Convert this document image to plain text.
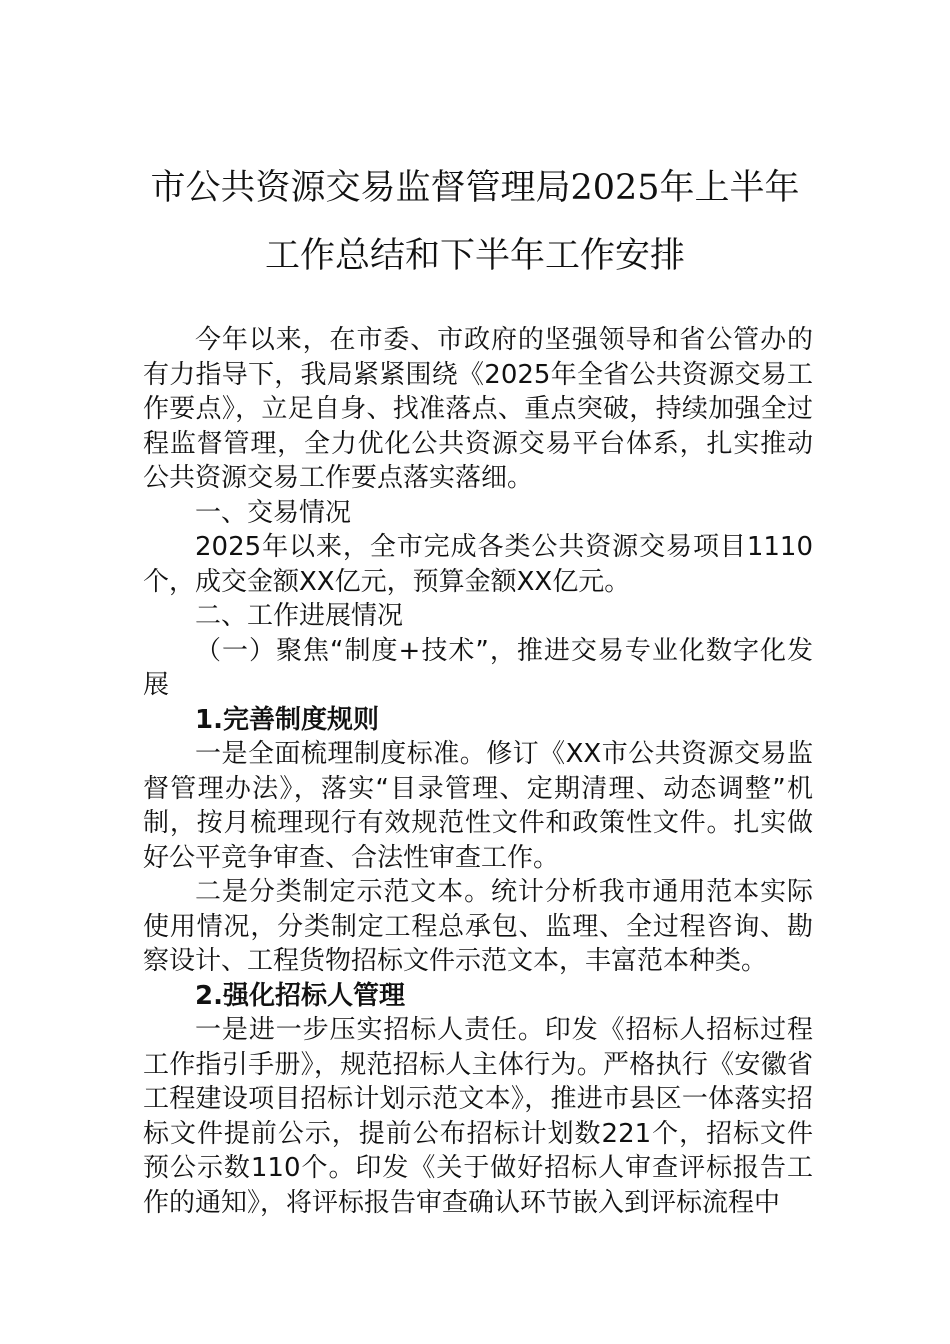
市公共资源交易监督管理局2025年上半年
工作总结和下半年工作安排

今年以来，在市委、市政府的坚强领导和省公管办的有力指导下，我局紧紧围绕《2025年全省公共资源交易工作要点》，立足自身、找准落点、重点突破，持续加强全过程监督管理，全力优化公共资源交易平台体系，扎实推动公共资源交易工作要点落实落细。

一、交易情况

2025年以来，全市完成各类公共资源交易项目1110个，成交金额XX亿元，预算金额XX亿元。

二、工作进展情况

（一）聚焦“制度+技术”，推进交易专业化数字化发展

1.完善制度规则

一是全面梳理制度标准。修订《XX市公共资源交易监督管理办法》，落实“目录管理、定期清理、动态调整”机制，按月梳理现行有效规范性文件和政策性文件。扎实做好公平竞争审查、合法性审查工作。

二是分类制定示范文本。统计分析我市通用范本实际使用情况，分类制定工程总承包、监理、全过程咨询、勘察设计、工程货物招标文件示范文本，丰富范本种类。

2.强化招标人管理

一是进一步压实招标人责任。印发《招标人招标过程工作指引手册》，规范招标人主体行为。严格执行《安徽省工程建设项目招标计划示范文本》，推进市县区一体落实招标文件提前公示，提前公布招标计划数221个，招标文件预公示数110个。印发《关于做好招标人审查评标报告工作的通知》，将评标报告审查确认环节嵌入到评标流程中
